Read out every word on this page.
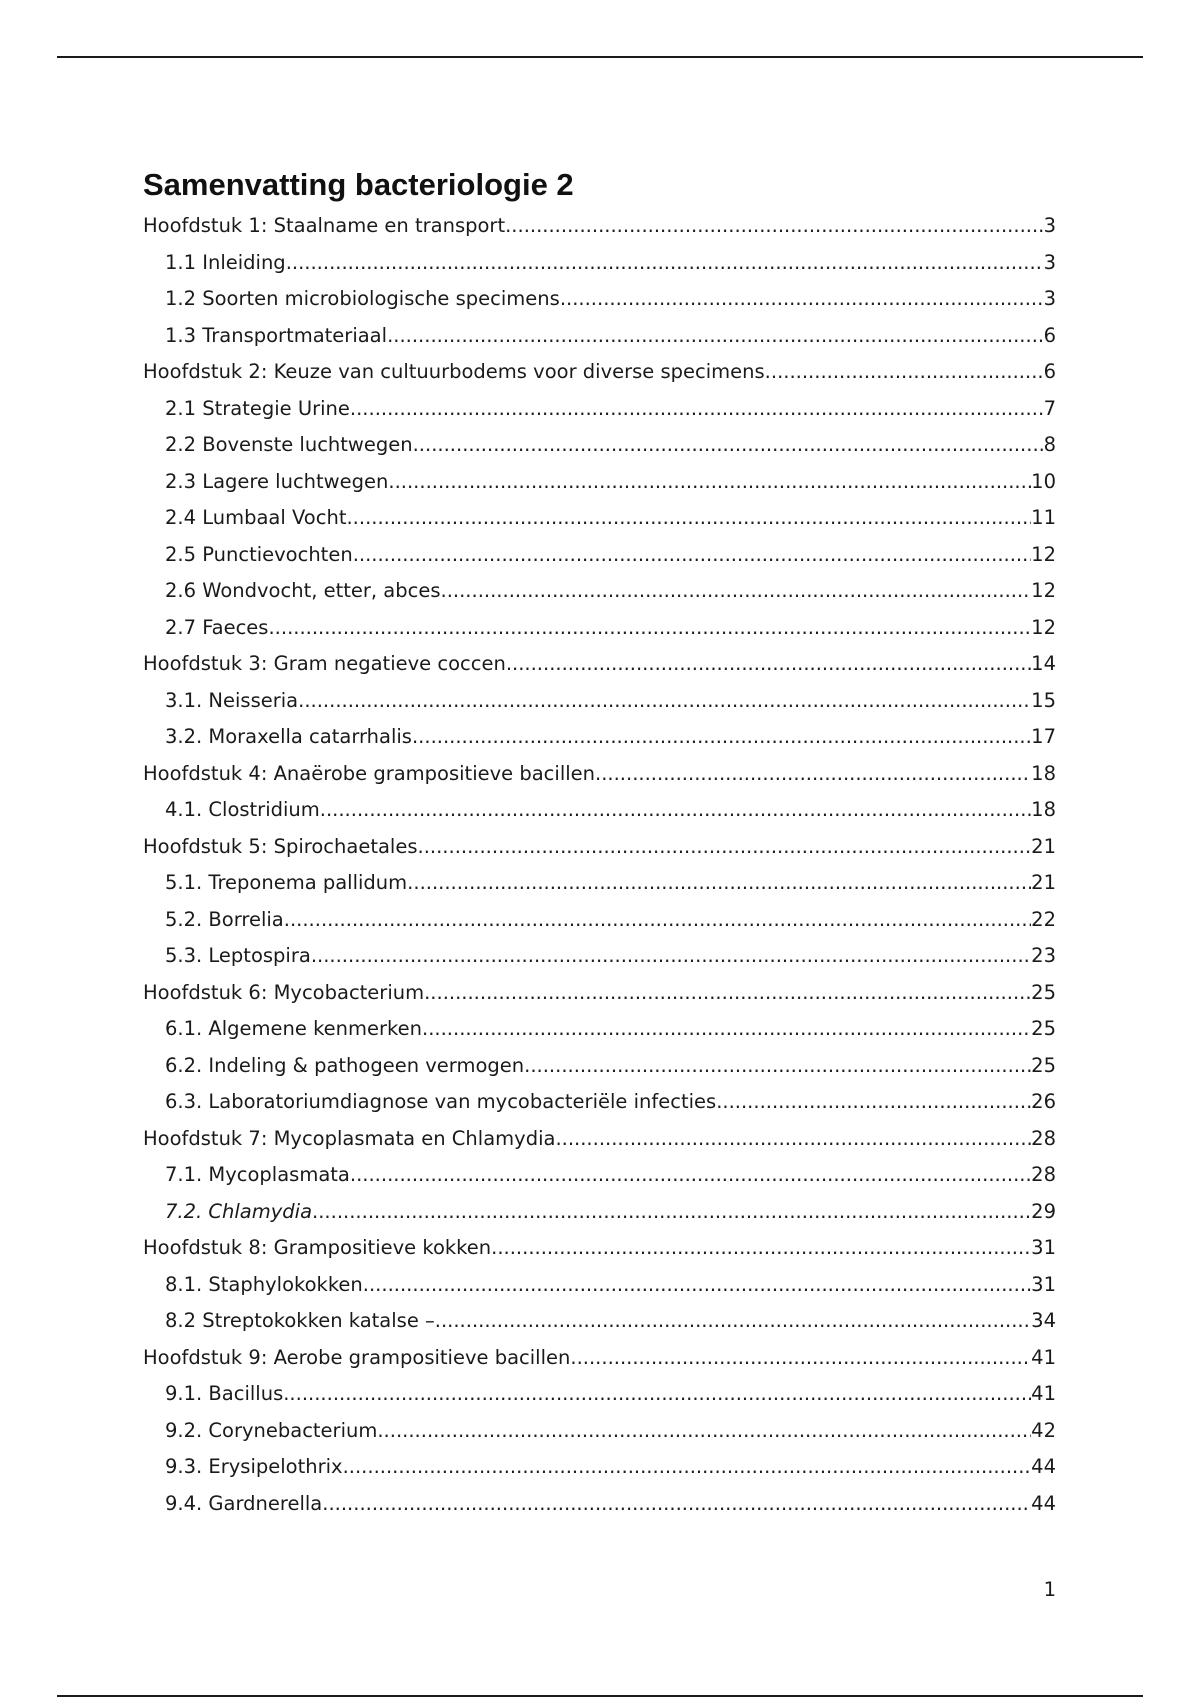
Samenvatting bacteriologie 2
Hoofdstuk 1: Staalname en transport .....	3
1.1 Inleiding .....	3
1.2 Soorten microbiologische specimens .....	3
1.3 Transportmateriaal .....	6
Hoofdstuk 2: Keuze van cultuurbodems voor diverse specimens .....	6
2.1 Strategie Urine .....	7
2.2 Bovenste luchtwegen .....	8
2.3 Lagere luchtwegen .....	10
2.4 Lumbaal Vocht .....	11
2.5 Punctievochten .....	12
2.6 Wondvocht, etter, abces .....	12
2.7 Faeces .....	12
Hoofdstuk 3: Gram negatieve coccen .....	14
3.1. Neisseria .....	15
3.2. Moraxella catarrhalis .....	17
Hoofdstuk 4: Anaërobe grampositieve bacillen .....	18
4.1. Clostridium .....	18
Hoofdstuk 5: Spirochaetales .....	21
5.1. Treponema pallidum .....	21
5.2. Borrelia .....	22
5.3. Leptospira .....	23
Hoofdstuk 6: Mycobacterium .....	25
6.1. Algemene kenmerken .....	25
6.2. Indeling & pathogeen vermogen .....	25
6.3. Laboratoriumdiagnose van mycobacteriële infecties .....	26
Hoofdstuk 7: Mycoplasmata en Chlamydia .....	28
7.1. Mycoplasmata .....	28
7.2. Chlamydia .....	29
Hoofdstuk 8: Grampositieve kokken .....	31
8.1. Staphylokokken .....	31
8.2 Streptokokken katalse – .....	34
Hoofdstuk 9: Aerobe grampositieve bacillen .....	41
9.1. Bacillus .....	41
9.2. Corynebacterium .....	42
9.3. Erysipelothrix .....	44
9.4. Gardnerella .....	44
1
